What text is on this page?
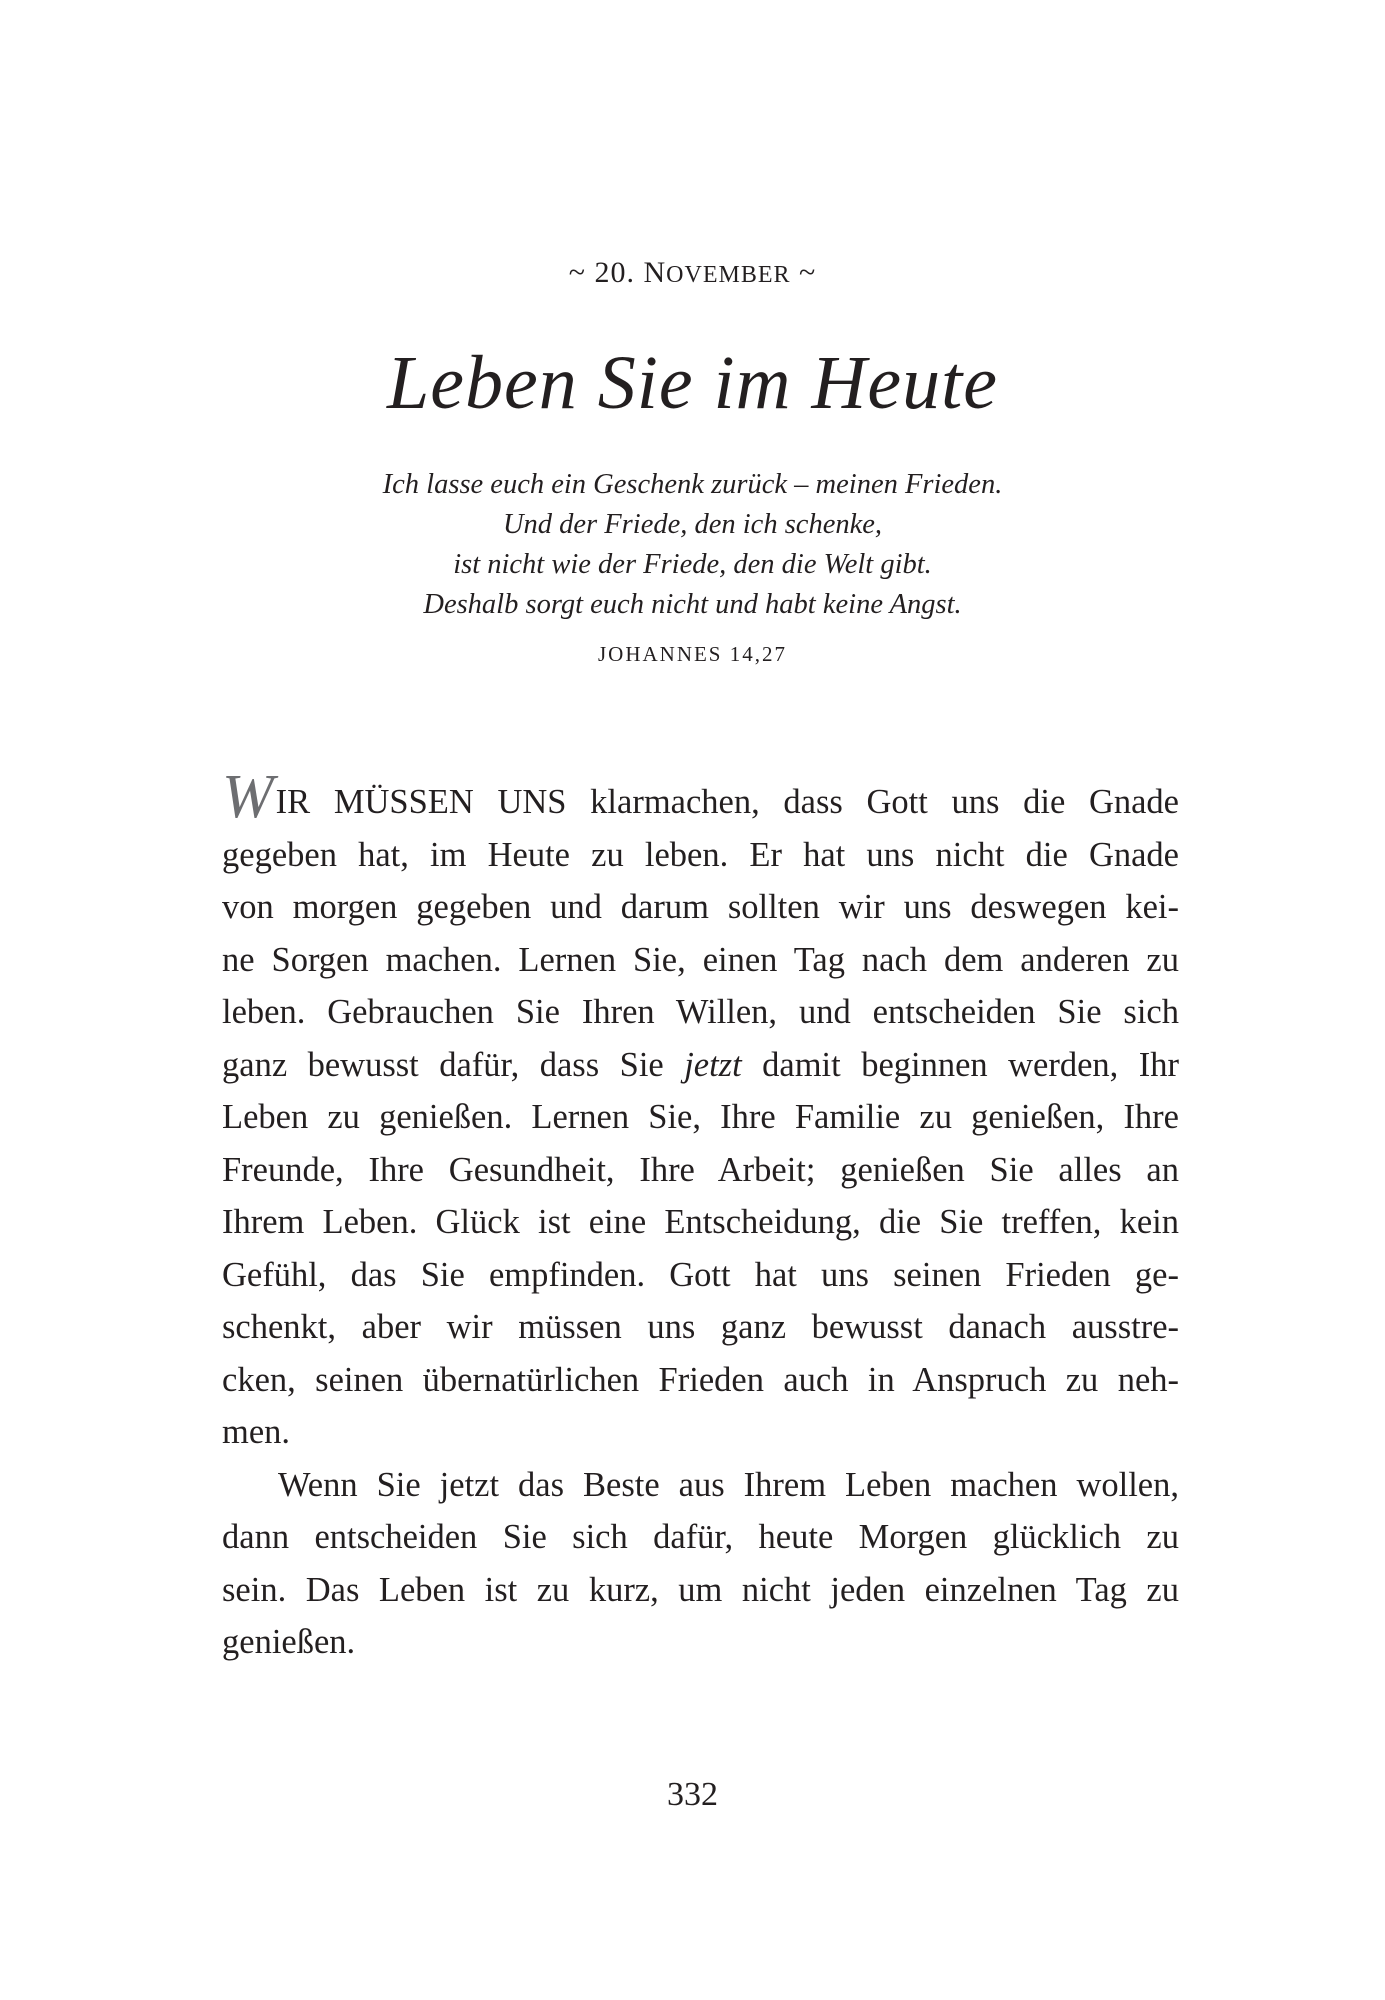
~ 20. NOVEMBER ~
Leben Sie im Heute
Ich lasse euch ein Geschenk zurück – meinen Frieden.
Und der Friede, den ich schenke,
ist nicht wie der Friede, den die Welt gibt.
Deshalb sorgt euch nicht und habt keine Angst.
JOHANNES 14,27
WIR MÜSSEN UNS klarmachen, dass Gott uns die Gnade
gegeben hat, im Heute zu leben. Er hat uns nicht die Gnade
von morgen gegeben und darum sollten wir uns deswegen kei-
ne Sorgen machen. Lernen Sie, einen Tag nach dem anderen zu
leben. Gebrauchen Sie Ihren Willen, und entscheiden Sie sich
ganz bewusst dafür, dass Sie jetzt damit beginnen werden, Ihr
Leben zu genießen. Lernen Sie, Ihre Familie zu genießen, Ihre
Freunde, Ihre Gesundheit, Ihre Arbeit; genießen Sie alles an
Ihrem Leben. Glück ist eine Entscheidung, die Sie treffen, kein
Gefühl, das Sie empfinden. Gott hat uns seinen Frieden ge-
schenkt, aber wir müssen uns ganz bewusst danach ausstre-
cken, seinen übernatürlichen Frieden auch in Anspruch zu neh-
men.
Wenn Sie jetzt das Beste aus Ihrem Leben machen wollen,
dann entscheiden Sie sich dafür, heute Morgen glücklich zu
sein. Das Leben ist zu kurz, um nicht jeden einzelnen Tag zu
genießen.
332
